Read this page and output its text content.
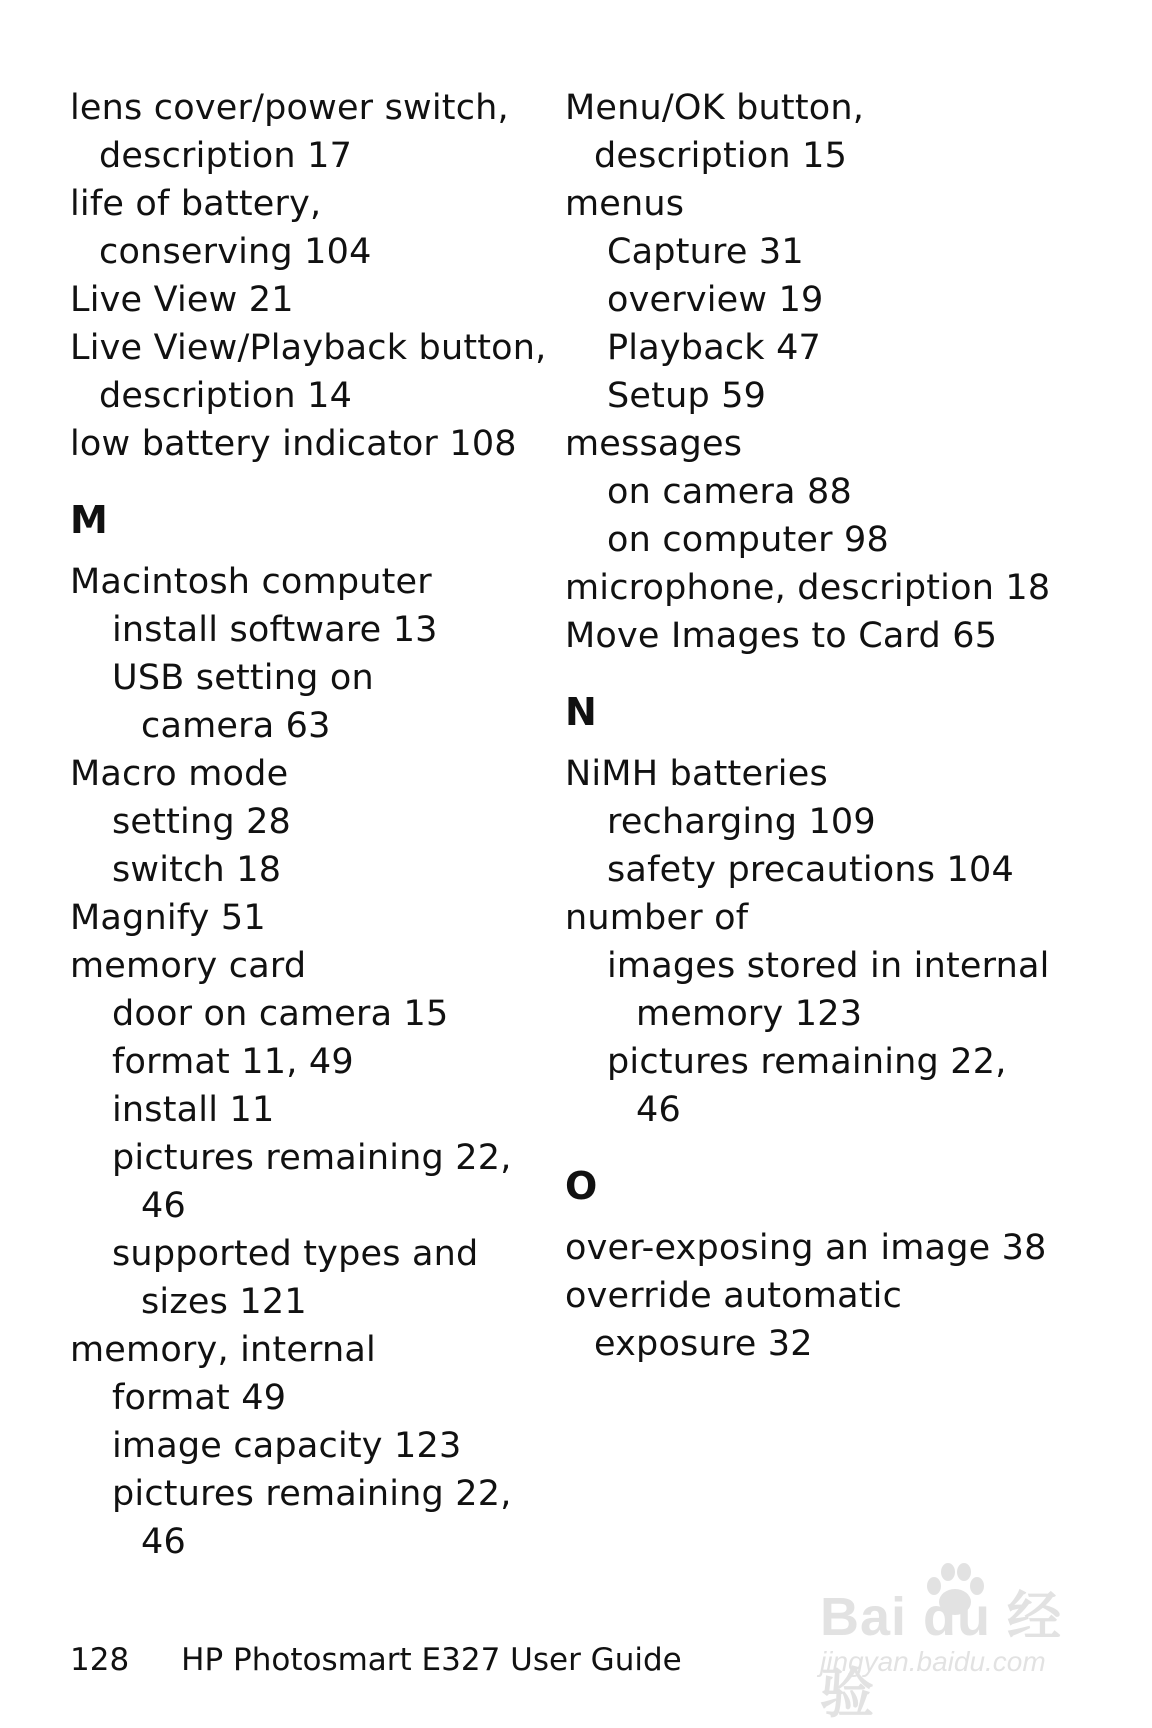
lens cover/power switch,
description 17
life of battery,
conserving 104
Live View 21
Live View/Playback button,
description 14
low battery indicator 108
M
Macintosh computer
install software 13
USB setting on
camera 63
Macro mode
setting 28
switch 18
Magnify 51
memory card
door on camera 15
format 11, 49
install 11
pictures remaining 22,
46
supported types and
sizes 121
memory, internal
format 49
image capacity 123
pictures remaining 22,
46
Menu/OK button,
description 15
menus
Capture 31
overview 19
Playback 47
Setup 59
messages
on camera 88
on computer 98
microphone, description 18
Move Images to Card 65
N
NiMH batteries
recharging 109
safety precautions 104
number of
images stored in internal
memory 123
pictures remaining 22,
46
O
over-exposing an image 38
override automatic
exposure 32
128 HP Photosmart E327 User Guide
Bai du 经验
jingyan.baidu.com
